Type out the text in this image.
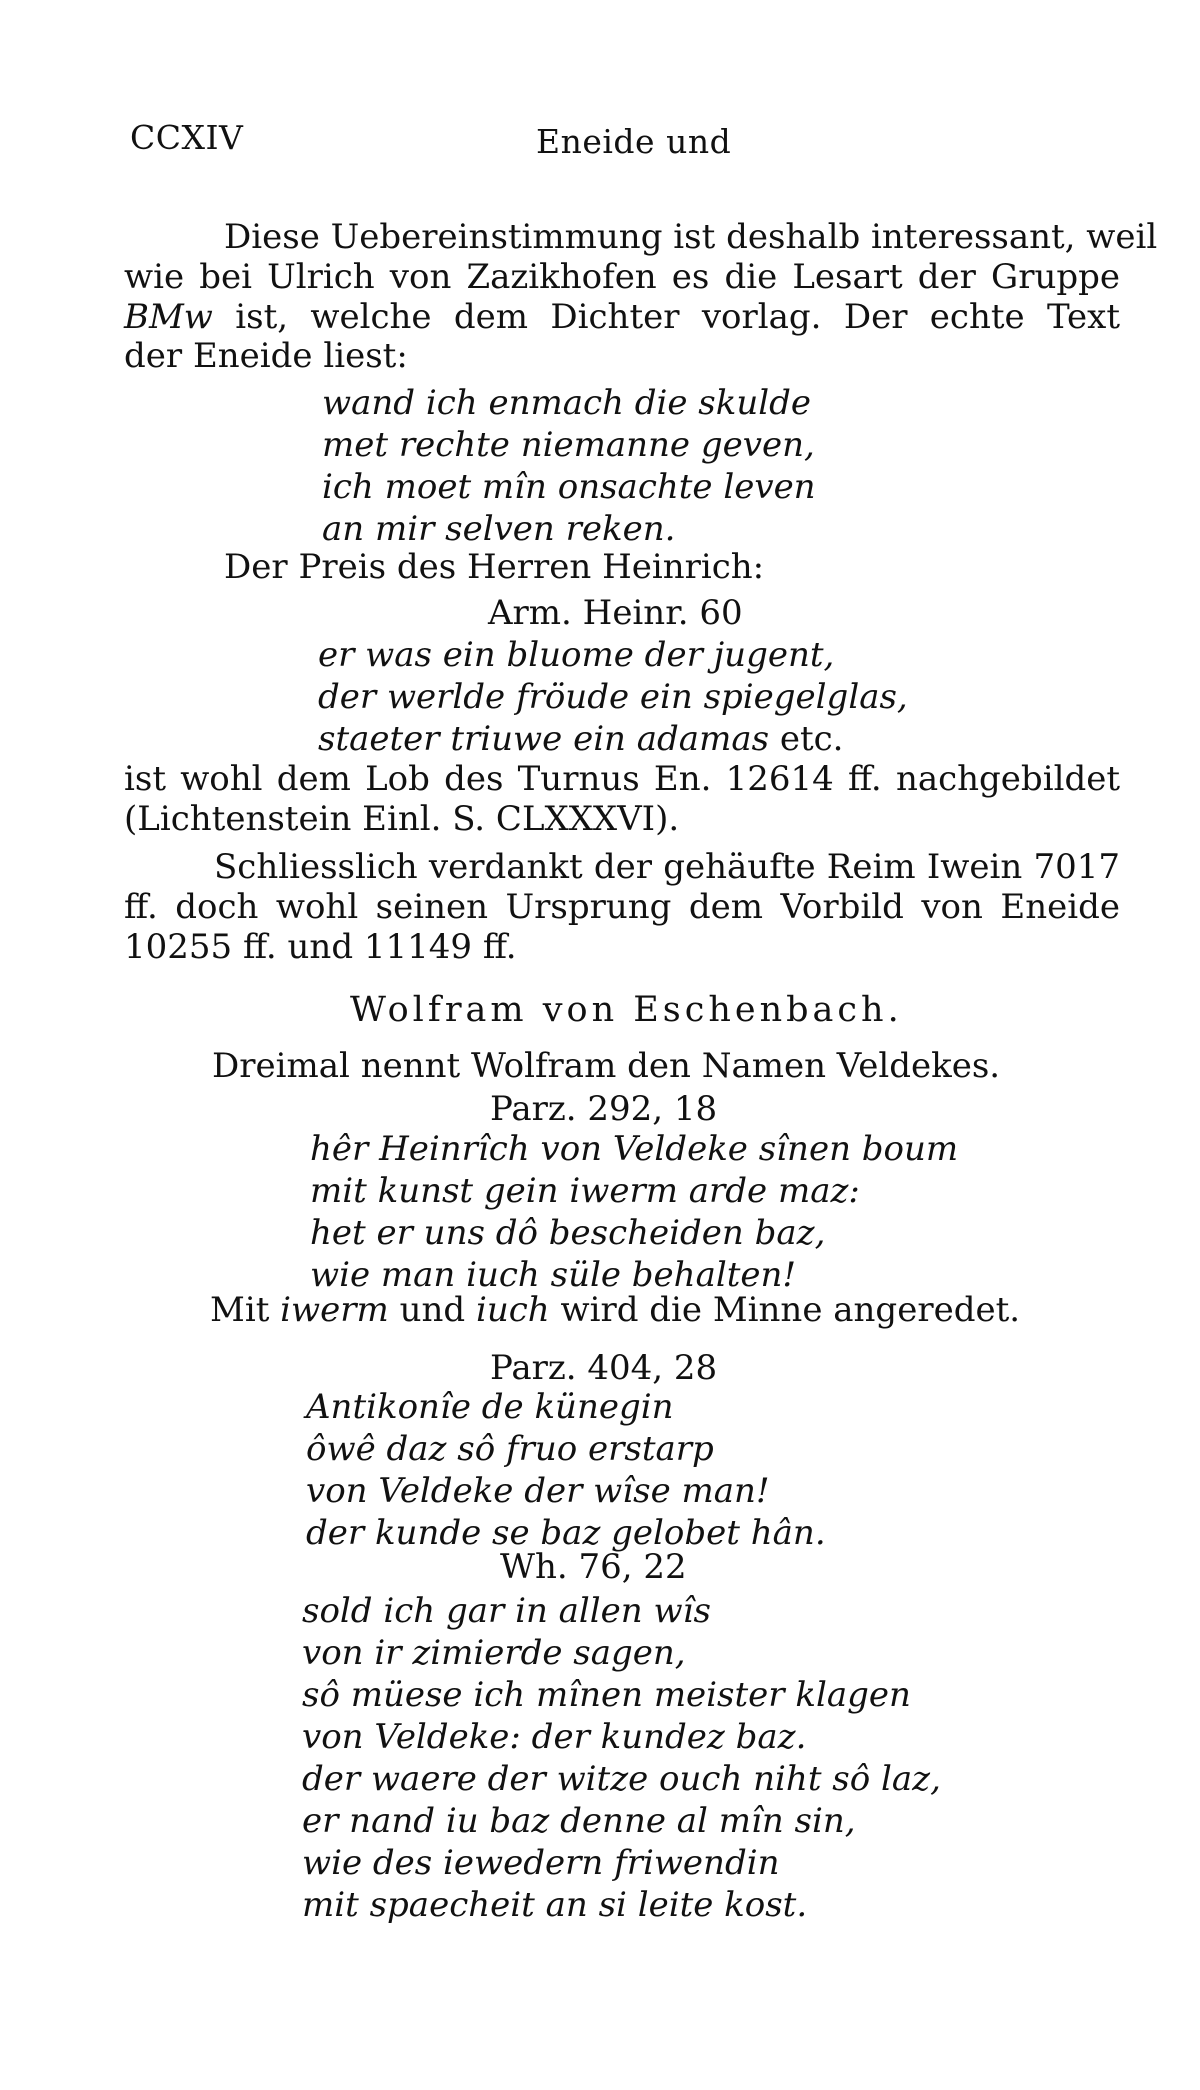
CCXIV	Eneide und
Diese Uebereinstimmung ist deshalb interessant, weil
wie bei Ulrich von Zazikhofen es die Lesart der Gruppe
BMw ist, welche dem Dichter vorlag. Der echte Text
der Eneide liest:
wand ich enmach die skulde
met rechte niemanne geven,
ich moet mîn onsachte leven
an mir selven reken.
Der Preis des Herren Heinrich:
Arm. Heinr. 60
er was ein bluome der jugent,
der werlde fröude ein spiegelglas,
staeter triuwe ein adamas etc.
ist wohl dem Lob des Turnus En. 12614 ff. nachgebildet
(Lichtenstein Einl. S. CLXXXVI).
Schliesslich verdankt der gehäufte Reim Iwein 7017
ff. doch wohl seinen Ursprung dem Vorbild von Eneide
10255 ff. und 11149 ff.
Wolfram von Eschenbach.
Dreimal nennt Wolfram den Namen Veldekes.
Parz. 292, 18
hêr Heinrîch von Veldeke sînen boum
mit kunst gein iwerm arde maz:
het er uns dô bescheiden baz,
wie man iuch süle behalten!
Mit iwerm und iuch wird die Minne angeredet.
Parz. 404, 28
Antikonîe de künegin
ôwê daz sô fruo erstarp
von Veldeke der wîse man!
der kunde se baz gelobet hân.
Wh. 76, 22
sold ich gar in allen wîs
von ir zimierde sagen,
sô müese ich mînen meister klagen
von Veldeke: der kundez baz.
der waere der witze ouch niht sô laz,
er nand iu baz denne al mîn sin,
wie des iewedern friwendin
mit spaecheit an si leite kost.
